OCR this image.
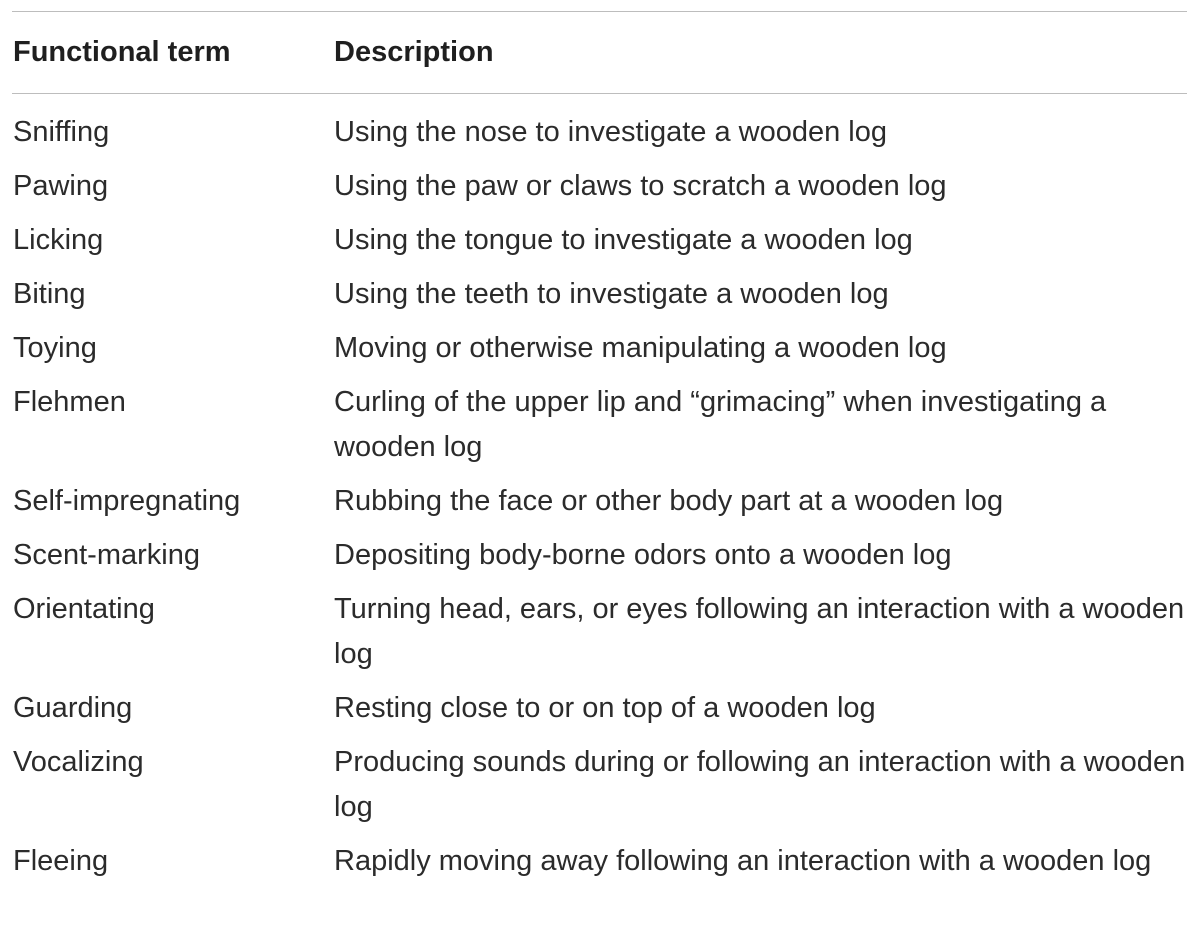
Functional term	Description
Sniffing	Using the nose to investigate a wooden log
Pawing	Using the paw or claws to scratch a wooden log
Licking	Using the tongue to investigate a wooden log
Biting	Using the teeth to investigate a wooden log
Toying	Moving or otherwise manipulating a wooden log
Flehmen	Curling of the upper lip and “grimacing” when investigating a wooden log
Self-impregnating	Rubbing the face or other body part at a wooden log
Scent-marking	Depositing body-borne odors onto a wooden log
Orientating	Turning head, ears, or eyes following an interaction with a wooden log
Guarding	Resting close to or on top of a wooden log
Vocalizing	Producing sounds during or following an interaction with a wooden log
Fleeing	Rapidly moving away following an interaction with a wooden log
